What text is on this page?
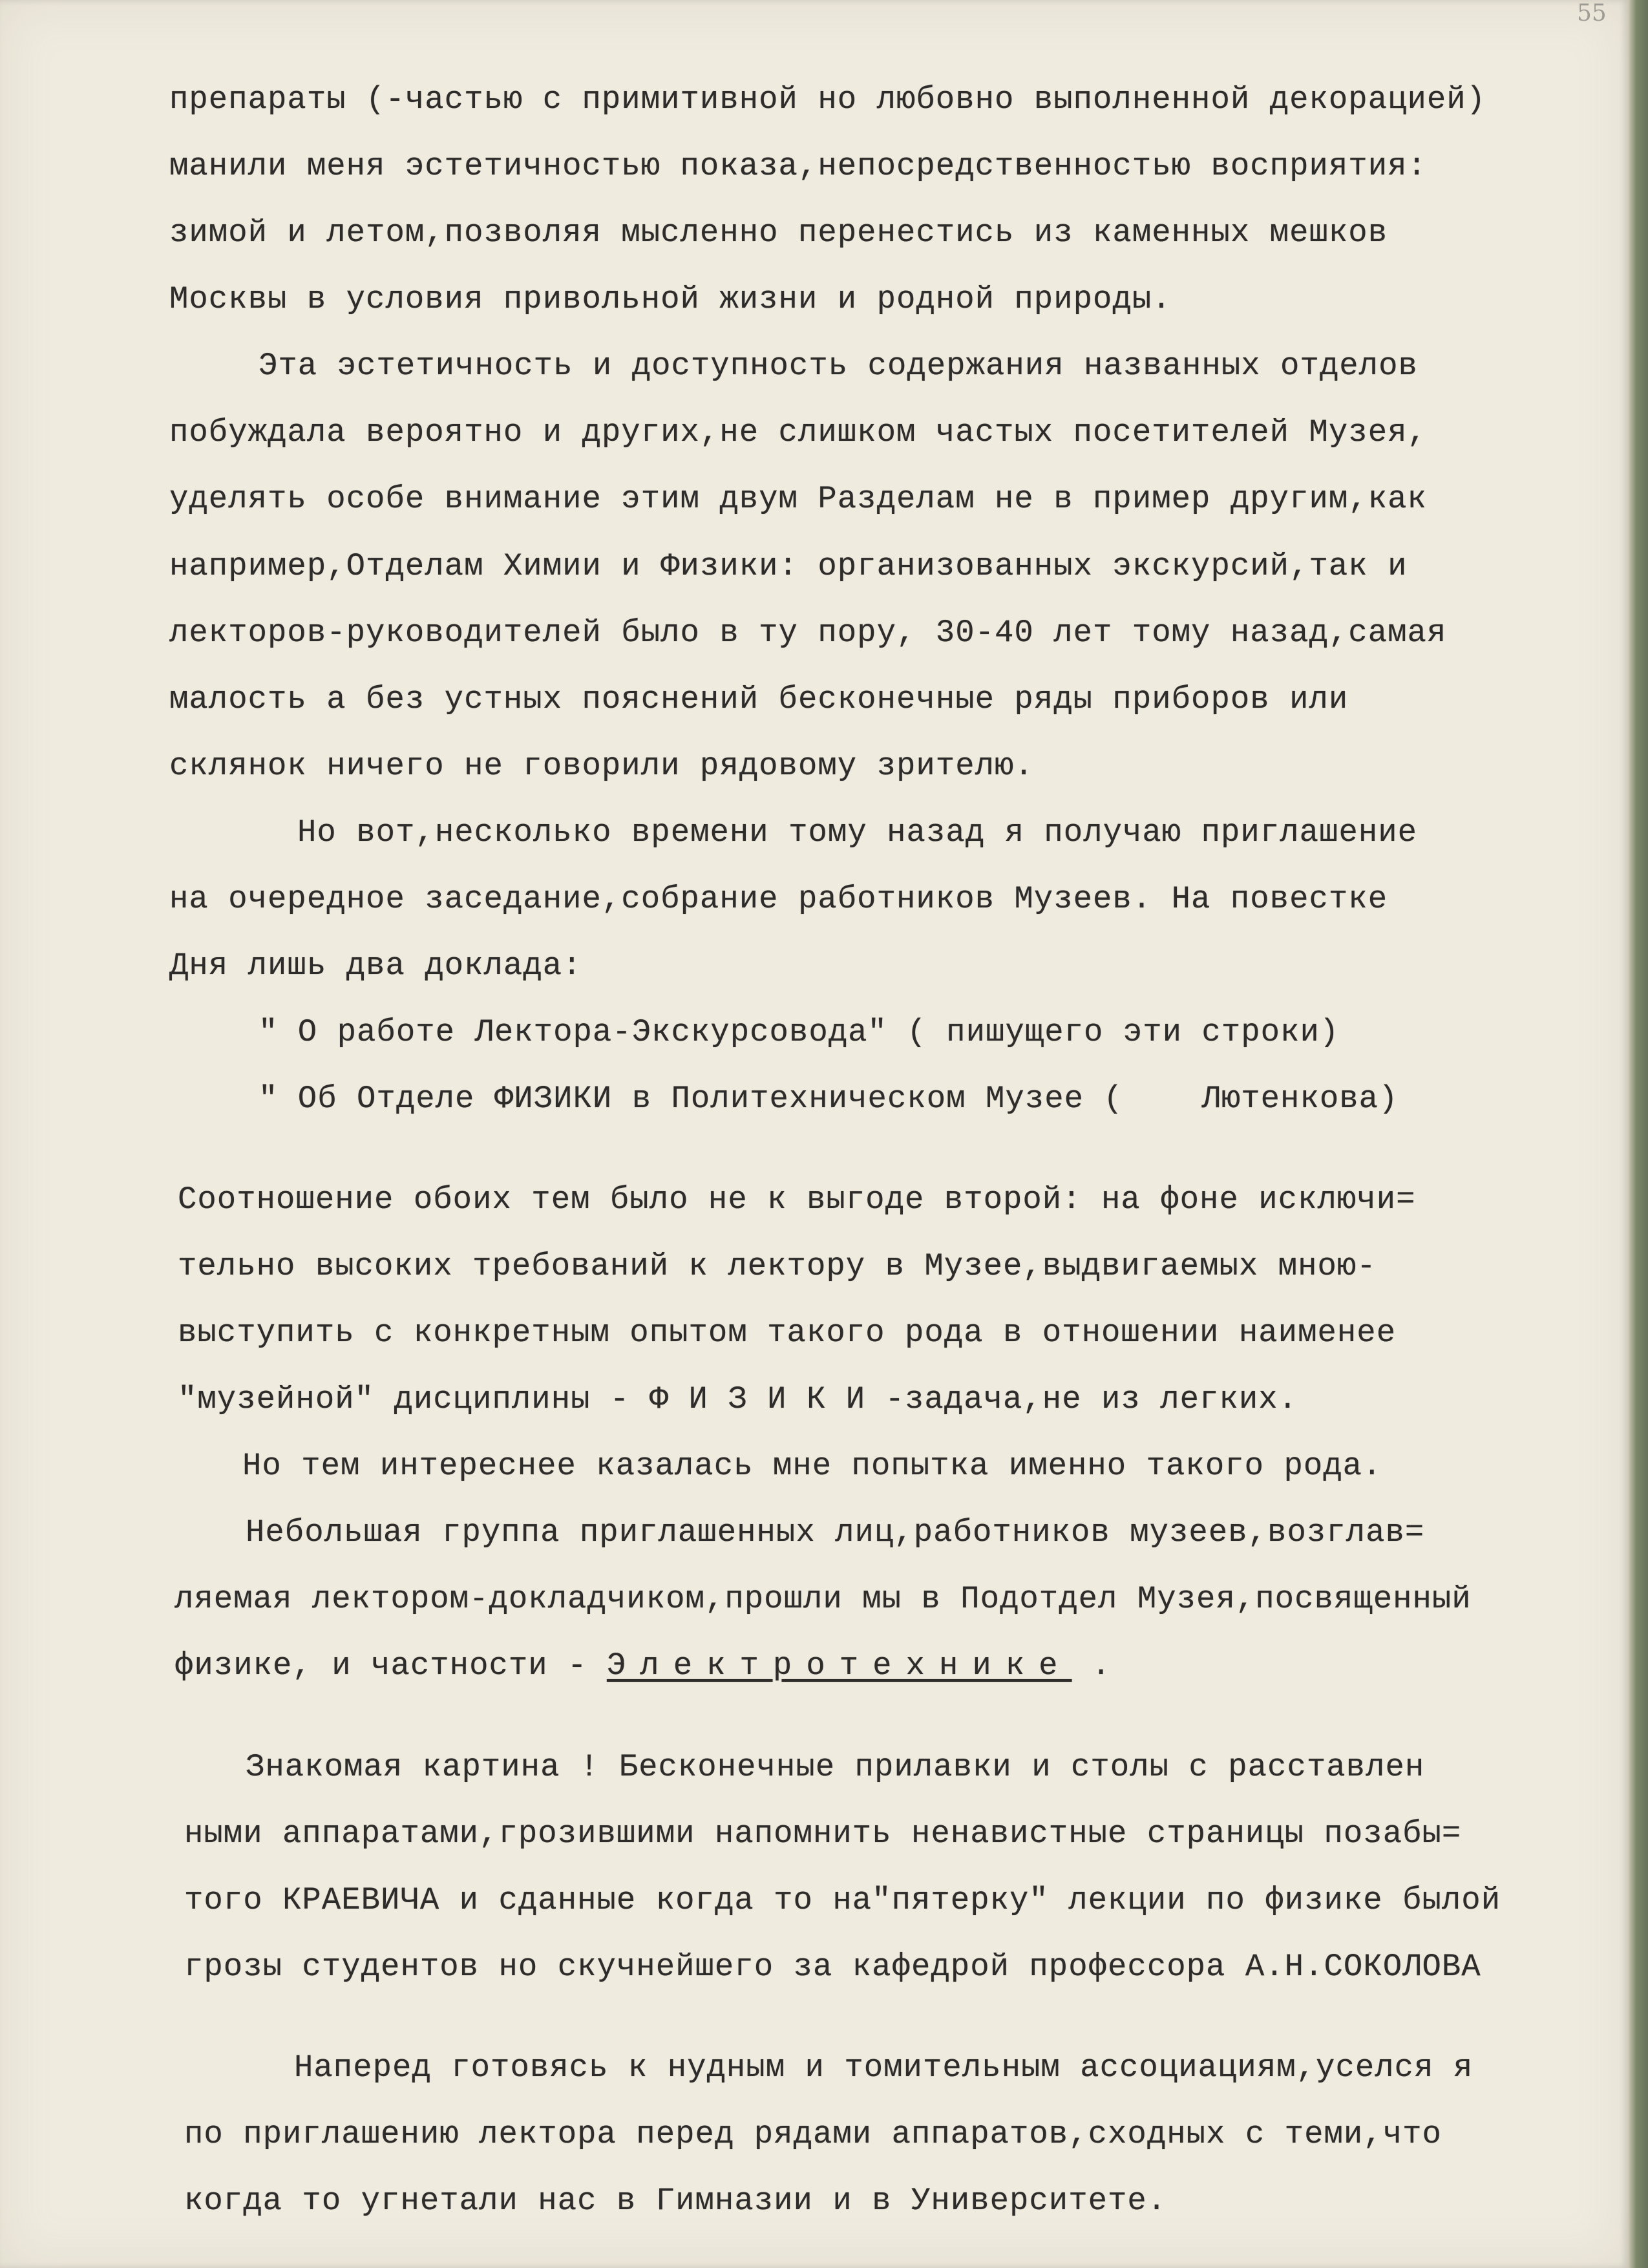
55
препараты (-частью с примитивной но любовно выполненной декорацией)
манили меня эстетичностью показа,непосредственностью восприятия:
зимой и летом,позволяя мысленно перенестись из каменных мешков
Москвы в условия привольной жизни и родной природы.
Эта эстетичность и доступность содержания названных отделов
побуждала вероятно и других,не слишком частых посетителей Музея,
уделять особе внимание этим двум Разделам не в пример другим,как
например,Отделам Химии и Физики: организованных экскурсий,так и
лекторов-руководителей было в ту пору, 30-40 лет тому назад,самая
малость а без устных пояснений бесконечные ряды приборов или
склянок ничего не говорили рядовому зрителю.
Но вот,несколько времени тому назад я получаю приглашение
на очередное заседание,собрание работников Музеев. На повестке
Дня лишь два доклада:
" О работе Лектора-Экскурсовода" ( пишущего эти строки)
" Об Отделе ФИЗИКИ в Политехническом Музее (    Лютенкова)
Соотношение обоих тем было не к выгоде второй: на фоне исключи=
тельно высоких требований к лектору в Музее,выдвигаемых мною-
выступить с конкретным опытом такого рода в отношении наименее
"музейной" дисциплины - Ф И З И К И -задача,не из легких.
Но тем интереснее казалась мне попытка именно такого рода.
Небольшая группа приглашенных лиц,работников музеев,возглав=
ляемая лектором-докладчиком,прошли мы в Подотдел Музея,посвященный
физике, и частности - Электротехнике .
Знакомая картина ! Бесконечные прилавки и столы с расставлен
ными аппаратами,грозившими напомнить ненавистные страницы позабы=
того КРАЕВИЧА и сданные когда то на"пятерку" лекции по физике былой
грозы студентов но скучнейшего за кафедрой профессора А.Н.СОКОЛОВА
Наперед готовясь к нудным и томительным ассоциациям,уселся я
по приглашению лектора перед рядами аппаратов,сходных с теми,что
когда то угнетали нас в Гимназии и в Университете.
